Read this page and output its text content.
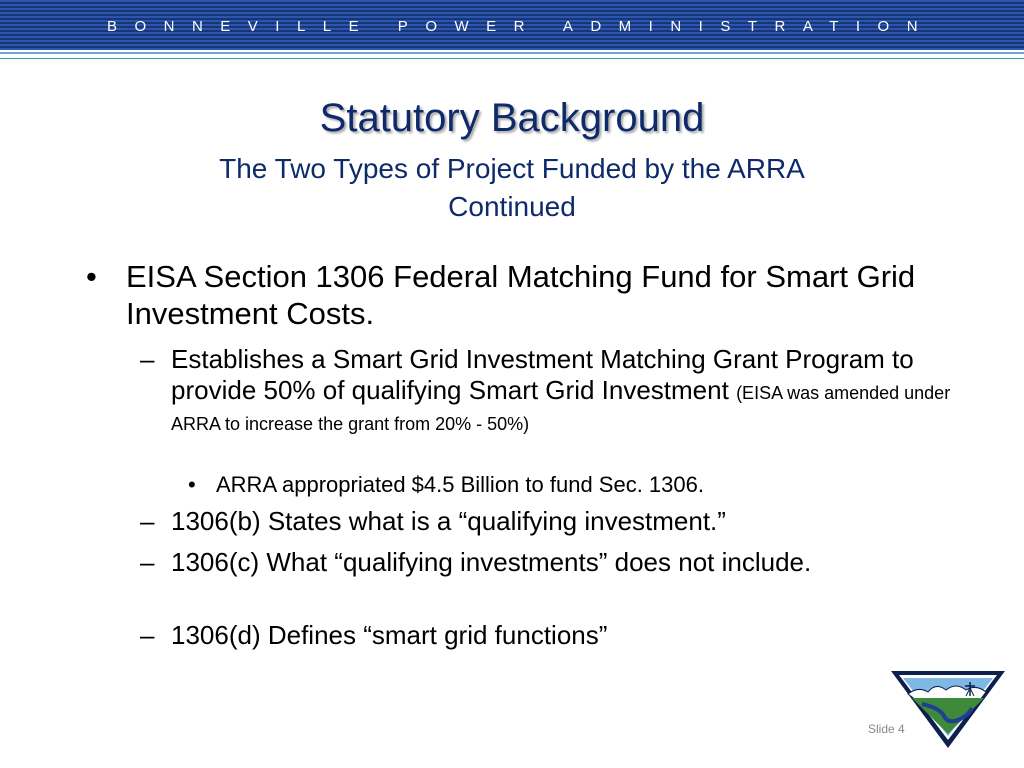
BONNEVILLE POWER ADMINISTRATION
Statutory Background
The Two Types of Project Funded by the ARRA
Continued
• EISA Section 1306 Federal Matching Fund for Smart Grid Investment Costs.
– Establishes a Smart Grid Investment Matching Grant Program to provide 50% of qualifying Smart Grid Investment (EISA was amended under ARRA to increase the grant from 20% - 50%)
• ARRA appropriated $4.5 Billion to fund Sec. 1306.
– 1306(b) States what is a “qualifying investment.”
– 1306(c) What “qualifying investments” does not include.
– 1306(d) Defines “smart grid functions”
Slide 4
